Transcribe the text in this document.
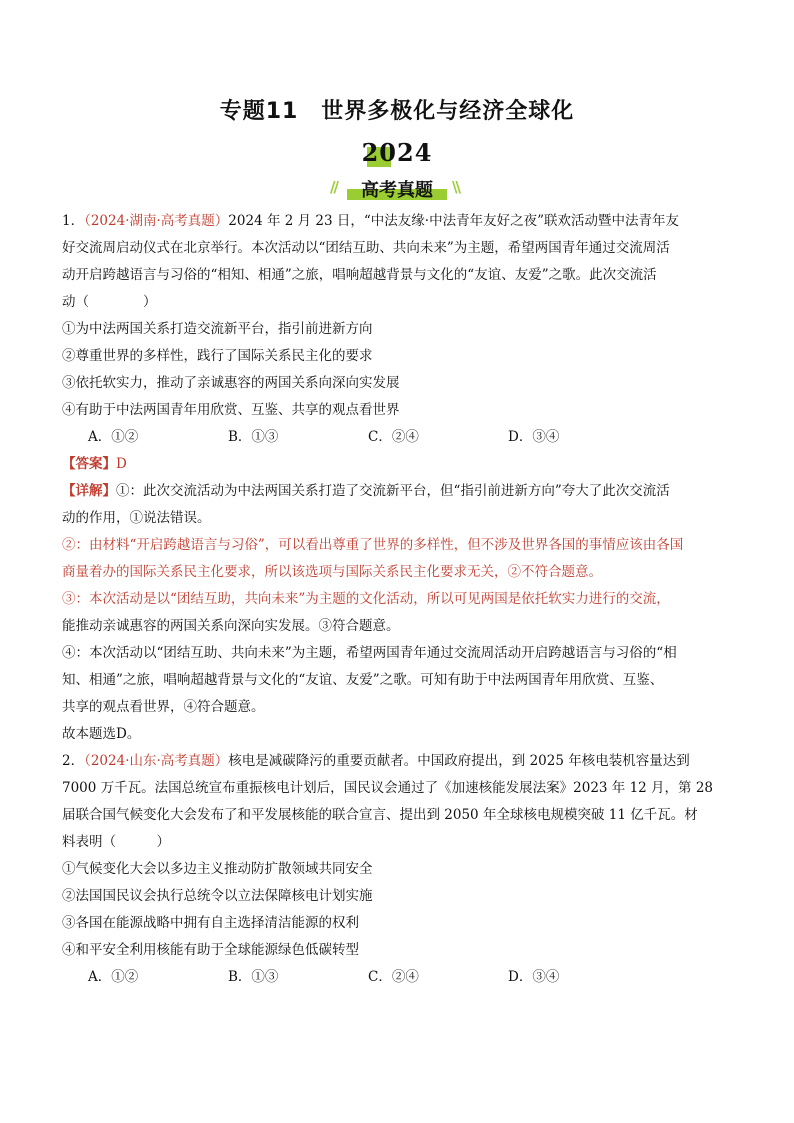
专题11　世界多极化与经济全球化
2024
//	高考真题	\\
1．（2024·湖南·高考真题）2024 年 2 月 23 日，“中法友缘·中法青年友好之夜”联欢活动暨中法青年友
好交流周启动仪式在北京举行。本次活动以“团结互助、共向未来”为主题，希望两国青年通过交流周活
动开启跨越语言与习俗的“相知、相通”之旅，唱响超越背景与文化的“友谊、友爱”之歌。此次交流活
动（　　　　）
①为中法两国关系打造交流新平台，指引前进新方向
②尊重世界的多样性，践行了国际关系民主化的要求
③依托软实力，推动了亲诚惠容的两国关系向深向实发展
④有助于中法两国青年用欣赏、互鉴、共享的观点看世界
A．①②	B．①③	C．②④	D．③④
【答案】D
【详解】①：此次交流活动为中法两国关系打造了交流新平台，但“指引前进新方向”夸大了此次交流活
动的作用，①说法错误。
②：由材料“开启跨越语言与习俗”，可以看出尊重了世界的多样性，但不涉及世界各国的事情应该由各国
商量着办的国际关系民主化要求，所以该选项与国际关系民主化要求无关，②不符合题意。
③：本次活动是以“团结互助，共向未来”为主题的文化活动，所以可见两国是依托软实力进行的交流，
能推动亲诚惠容的两国关系向深向实发展。③符合题意。
④：本次活动以“团结互助、共向未来”为主题，希望两国青年通过交流周活动开启跨越语言与习俗的“相
知、相通”之旅，唱响超越背景与文化的“友谊、友爱”之歌。可知有助于中法两国青年用欣赏、互鉴、
共享的观点看世界，④符合题意。
故本题选D。
2．（2024·山东·高考真题）核电是减碳降污的重要贡献者。中国政府提出，到 2025 年核电装机容量达到
7000 万千瓦。法国总统宣布重振核电计划后，国民议会通过了《加速核能发展法案》2023 年 12 月，第 28
届联合国气候变化大会发布了和平发展核能的联合宣言、提出到 2050 年全球核电规模突破 11 亿千瓦。材
料表明（　　　）
①气候变化大会以多边主义推动防扩散领域共同安全
②法国国民议会执行总统令以立法保障核电计划实施
③各国在能源战略中拥有自主选择清洁能源的权利
④和平安全利用核能有助于全球能源绿色低碳转型
A．①②	B．①③	C．②④	D．③④
